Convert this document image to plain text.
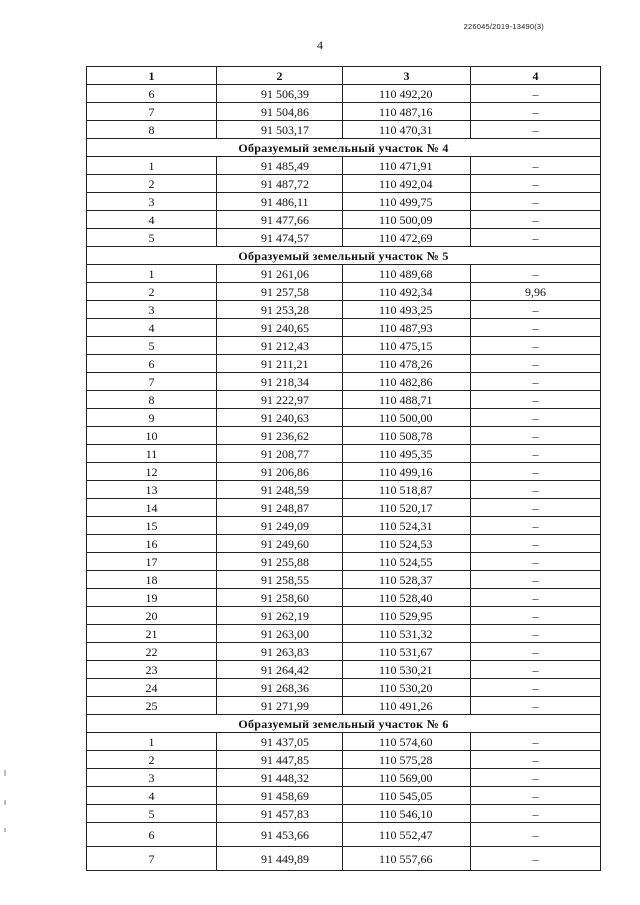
226045/2019-13490(3)
4
1	2	3	4
6	91 506,39	110 492,20	–
7	91 504,86	110 487,16	–
8	91 503,17	110 470,31	–
Образуемый земельный участок № 4			
1	91 485,49	110 471,91	–
2	91 487,72	110 492,04	–
3	91 486,11	110 499,75	–
4	91 477,66	110 500,09	–
5	91 474,57	110 472,69	–
Образуемый земельный участок № 5			
1	91 261,06	110 489,68	–
2	91 257,58	110 492,34	9,96
3	91 253,28	110 493,25	–
4	91 240,65	110 487,93	–
5	91 212,43	110 475,15	–
6	91 211,21	110 478,26	–
7	91 218,34	110 482,86	–
8	91 222,97	110 488,71	–
9	91 240,63	110 500,00	–
10	91 236,62	110 508,78	–
11	91 208,77	110 495,35	–
12	91 206,86	110 499,16	–
13	91 248,59	110 518,87	–
14	91 248,87	110 520,17	–
15	91 249,09	110 524,31	–
16	91 249,60	110 524,53	–
17	91 255,88	110 524,55	–
18	91 258,55	110 528,37	–
19	91 258,60	110 528,40	–
20	91 262,19	110 529,95	–
21	91 263,00	110 531,32	–
22	91 263,83	110 531,67	–
23	91 264,42	110 530,21	–
24	91 268,36	110 530,20	–
25	91 271,99	110 491,26	–
Образуемый земельный участок № 6			
1	91 437,05	110 574,60	–
2	91 447,85	110 575,28	–
3	91 448,32	110 569,00	–
4	91 458,69	110 545,05	–
5	91 457,83	110 546,10	–
6	91 453,66	110 552,47	–
7	91 449,89	110 557,66	–
